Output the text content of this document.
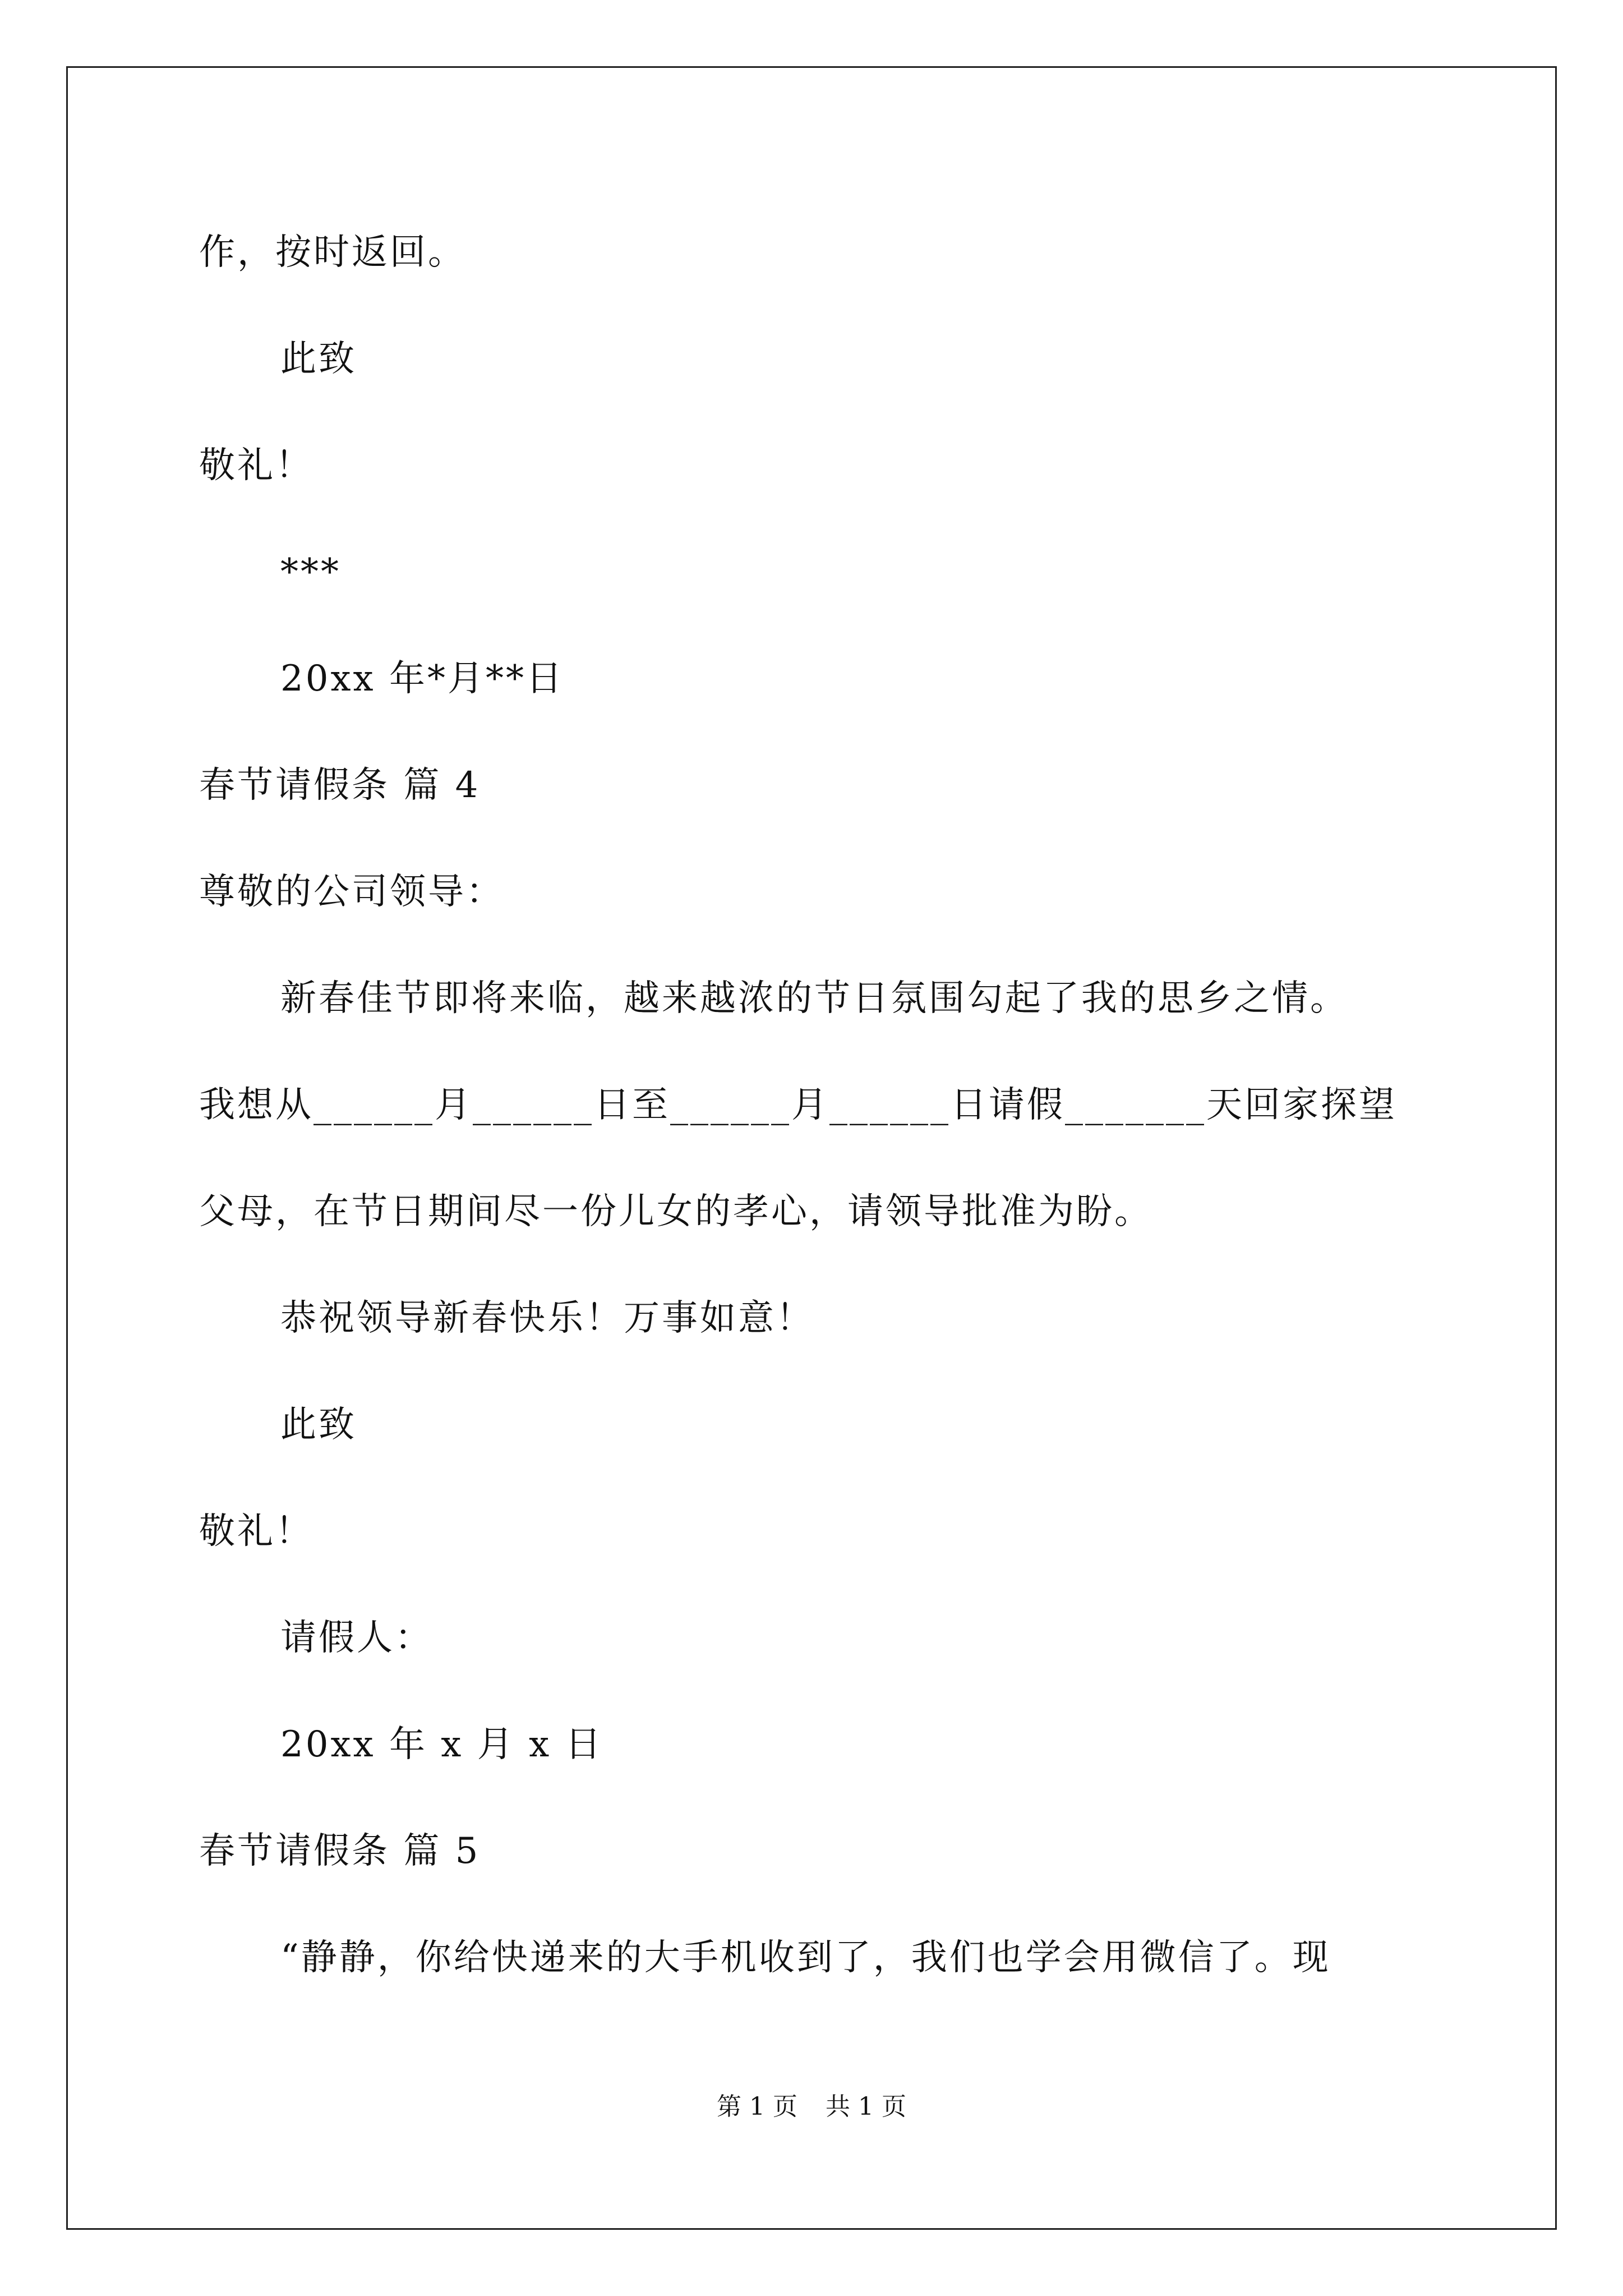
作，按时返回。
此致
敬礼！
***
20xx 年*月**日
春节请假条 篇 4
尊敬的公司领导：
新春佳节即将来临，越来越浓的节日氛围勾起了我的思乡之情。
我想从______月______日至______月______日请假_______天回家探望
父母，在节日期间尽一份儿女的孝心，请领导批准为盼。
恭祝领导新春快乐！万事如意！
此致
敬礼！
请假人：
20xx 年 x 月 x 日
春节请假条 篇 5
“静静，你给快递来的大手机收到了，我们也学会用微信了。现
第 1 页 共 1 页
